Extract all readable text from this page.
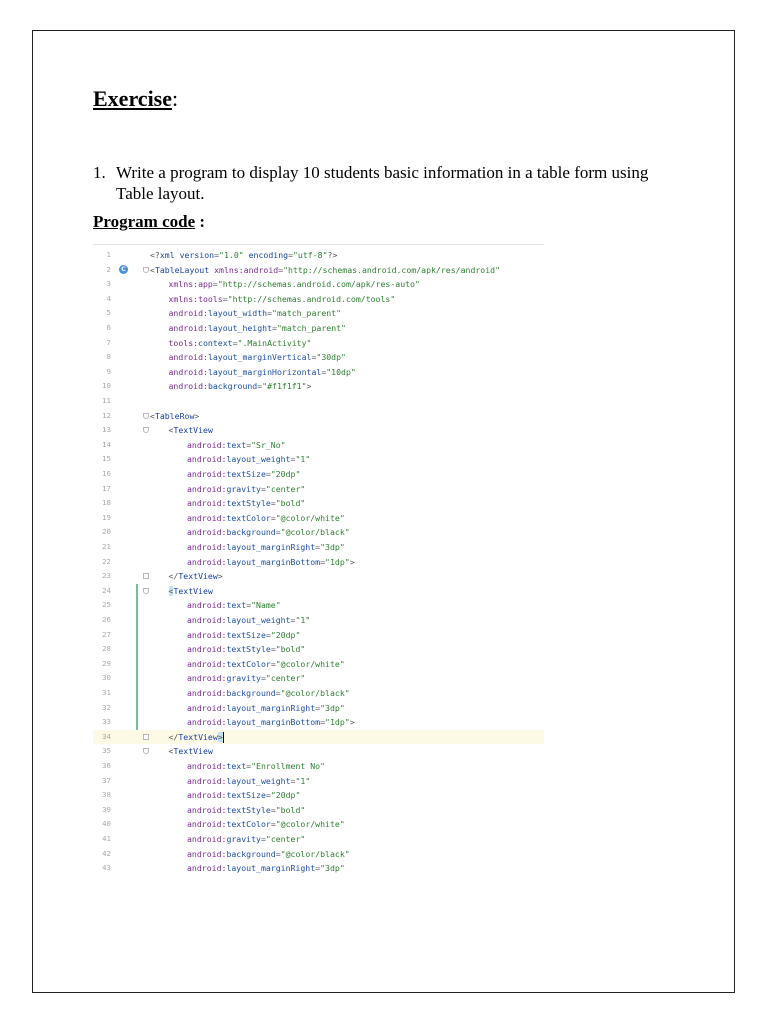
Exercise:
1. Write a program to display 10 students basic information in a table form using Table layout.
Program code :
1	<?xml version="1.0" encoding="utf-8"?>
2	C	<TableLayout xmlns:android="http://schemas.android.com/apk/res/android"
3	xmlns:app="http://schemas.android.com/apk/res-auto"
4	xmlns:tools="http://schemas.android.com/tools"
5	android:layout_width="match_parent"
6	android:layout_height="match_parent"
7	tools:context=".MainActivity"
8	android:layout_marginVertical="30dp"
9	android:layout_marginHorizontal="10dp"
10	android:background="#f1f1f1">
11
12	<TableRow>
13	<TextView
14	android:text="Sr_No"
15	android:layout_weight="1"
16	android:textSize="20dp"
17	android:gravity="center"
18	android:textStyle="bold"
19	android:textColor="@color/white"
20	android:background="@color/black"
21	android:layout_marginRight="3dp"
22	android:layout_marginBottom="1dp">
23	</TextView>
24	<TextView
25	android:text="Name"
26	android:layout_weight="1"
27	android:textSize="20dp"
28	android:textStyle="bold"
29	android:textColor="@color/white"
30	android:gravity="center"
31	android:background="@color/black"
32	android:layout_marginRight="3dp"
33	android:layout_marginBottom="1dp">
34	</TextView>
35	<TextView
36	android:text="Enrollment No"
37	android:layout_weight="1"
38	android:textSize="20dp"
39	android:textStyle="bold"
40	android:textColor="@color/white"
41	android:gravity="center"
42	android:background="@color/black"
43	android:layout_marginRight="3dp"
